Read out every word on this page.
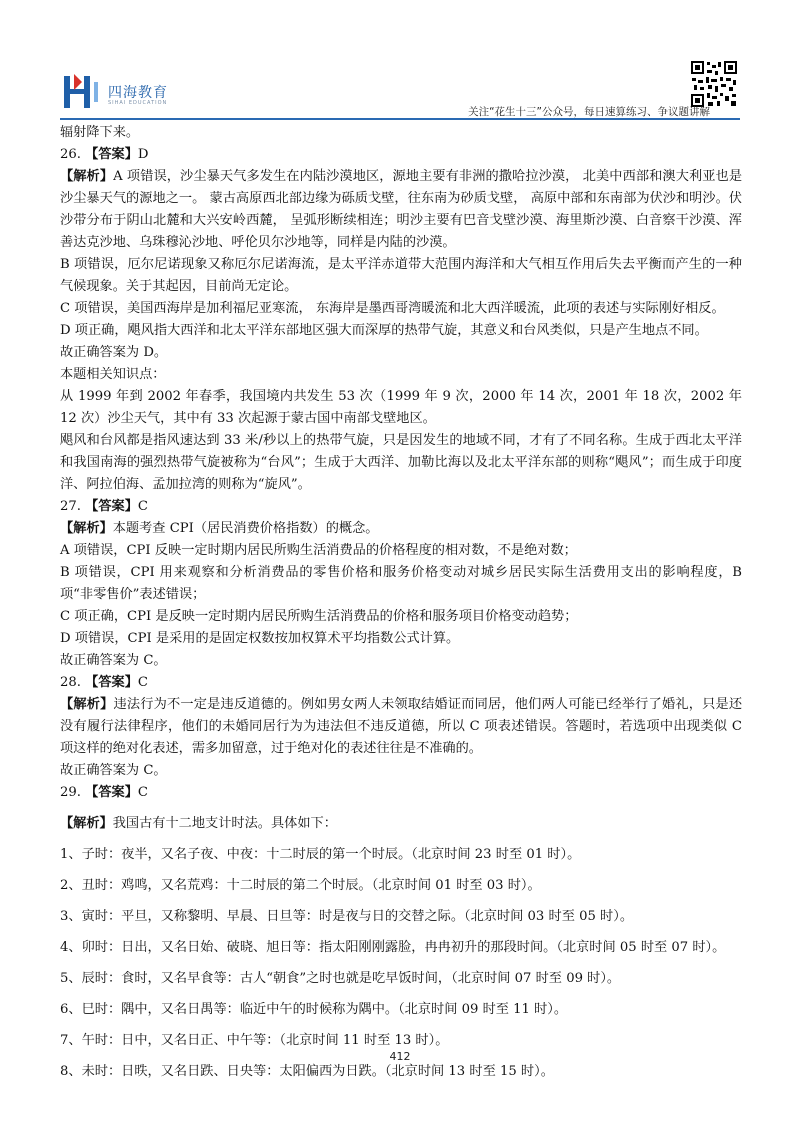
四海教育
SIHAI EDUCATION
关注“花生十三”公众号，每日速算练习、争议题讲解

辐射降下来。

26. 【答案】D

【解析】A 项错误，沙尘暴天气多发生在内陆沙漠地区，源地主要有非洲的撒哈拉沙漠， 北美中西部和澳大利亚也是沙尘暴天气的源地之一。 蒙古高原西北部边缘为砾质戈壁，往东南为砂质戈壁， 高原中部和东南部为伏沙和明沙。伏沙带分布于阴山北麓和大兴安岭西麓， 呈弧形断续相连；明沙主要有巴音戈壁沙漠、海里斯沙漠、白音察干沙漠、浑善达克沙地、乌珠穆沁沙地、呼伦贝尔沙地等，同样是内陆的沙漠。

B 项错误，厄尔尼诺现象又称厄尔尼诺海流，是太平洋赤道带大范围内海洋和大气相互作用后失去平衡而产生的一种气候现象。关于其起因，目前尚无定论。

C 项错误，美国西海岸是加利福尼亚寒流， 东海岸是墨西哥湾暖流和北大西洋暖流，此项的表述与实际刚好相反。

D 项正确，飓风指大西洋和北太平洋东部地区强大而深厚的热带气旋，其意义和台风类似，只是产生地点不同。

故正确答案为 D。

本题相关知识点：

从 1999 年到 2002 年春季，我国境内共发生 53 次（1999 年 9 次，2000 年 14 次，2001 年 18 次，2002 年 12 次）沙尘天气，其中有 33 次起源于蒙古国中南部戈壁地区。

飓风和台风都是指风速达到 33 米/秒以上的热带气旋，只是因发生的地域不同，才有了不同名称。生成于西北太平洋和我国南海的强烈热带气旋被称为“台风”；生成于大西洋、加勒比海以及北太平洋东部的则称“飓风”；而生成于印度洋、阿拉伯海、孟加拉湾的则称为“旋风”。

27. 【答案】C

【解析】本题考查 CPI（居民消费价格指数）的概念。

A 项错误，CPI 反映一定时期内居民所购生活消费品的价格程度的相对数，不是绝对数；

B 项错误，CPI 用来观察和分析消费品的零售价格和服务价格变动对城乡居民实际生活费用支出的影响程度，B 项“非零售价”表述错误；

C 项正确，CPI 是反映一定时期内居民所购生活消费品的价格和服务项目价格变动趋势；

D 项错误，CPI 是采用的是固定权数按加权算术平均指数公式计算。

故正确答案为 C。

28. 【答案】C

【解析】违法行为不一定是违反道德的。例如男女两人未领取结婚证而同居，他们两人可能已经举行了婚礼，只是还没有履行法律程序，他们的未婚同居行为为违法但不违反道德，所以 C 项表述错误。答题时，若选项中出现类似 C 项这样的绝对化表述，需多加留意，过于绝对化的表述往往是不准确的。

故正确答案为 C。

29. 【答案】C

【解析】我国古有十二地支计时法。具体如下：

1、子时：夜半，又名子夜、中夜：十二时辰的第一个时辰。（北京时间 23 时至 01 时）。

2、丑时：鸡鸣，又名荒鸡：十二时辰的第二个时辰。（北京时间 01 时至 03 时）。

3、寅时：平旦，又称黎明、早晨、日旦等：时是夜与日的交替之际。（北京时间 03 时至 05 时）。

4、卯时：日出，又名日始、破晓、旭日等：指太阳刚刚露脸，冉冉初升的那段时间。（北京时间 05 时至 07 时）。

5、辰时：食时，又名早食等：古人“朝食”之时也就是吃早饭时间，（北京时间 07 时至 09 时）。

6、巳时：隅中，又名日禺等：临近中午的时候称为隅中。（北京时间 09 时至 11 时）。

7、午时：日中，又名日正、中午等：（北京时间 11 时至 13 时）。

8、未时：日昳，又名日跌、日央等：太阳偏西为日跌。（北京时间 13 时至 15 时）。

412
